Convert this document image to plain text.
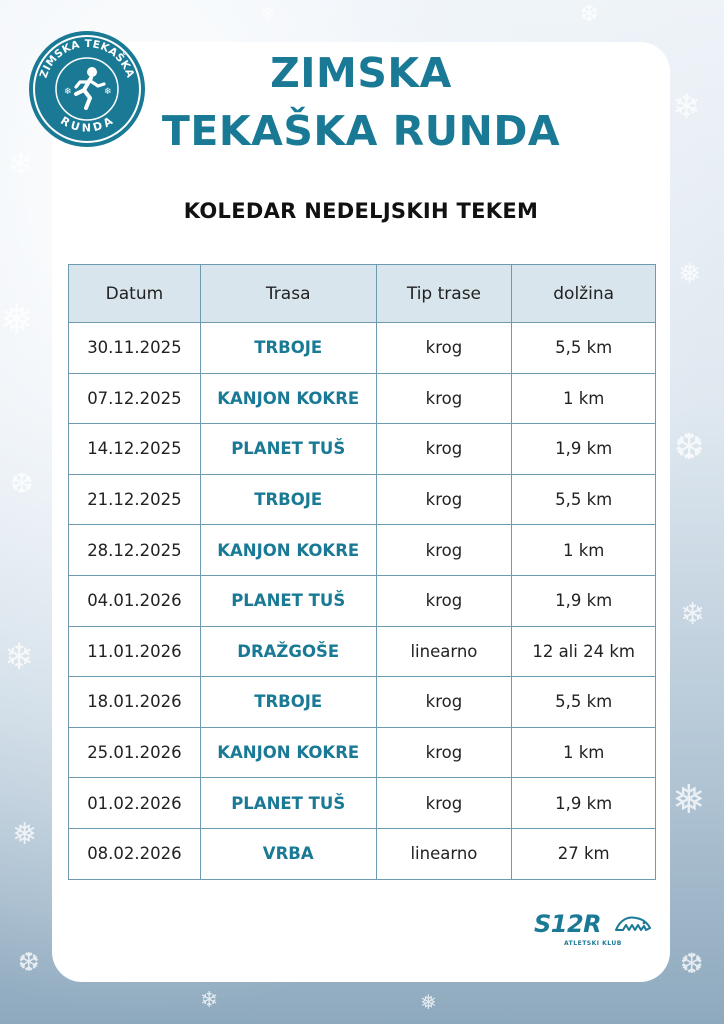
❄
❅
❆
❄
❅
❆
❄
❅
❆
❄
❅
❆
❄	❅
❆
❄
ZIMSKA TEKAŠKA
RUNDA
❄	❄	ZIMSKA
TEKAŠKA RUNDA
KOLEDAR NEDELJSKIH TEKEM
Datum	Trasa	Tip trase	dolžina
30.11.2025	TRBOJE	krog	5,5 km
07.12.2025	KANJON KOKRE	krog	1 km
14.12.2025	PLANET TUŠ	krog	1,9 km
21.12.2025	TRBOJE	krog	5,5 km
28.12.2025	KANJON KOKRE	krog	1 km
04.01.2026	PLANET TUŠ	krog	1,9 km
11.01.2026	DRAŽGOŠE	linearno	12 ali 24 km
18.01.2026	TRBOJE	krog	5,5 km
25.01.2026	KANJON KOKRE	krog	1 km
01.02.2026	PLANET TUŠ	krog	1,9 km
08.02.2026	VRBA	linearno	27 km
S12R
ATLETSKI KLUB
